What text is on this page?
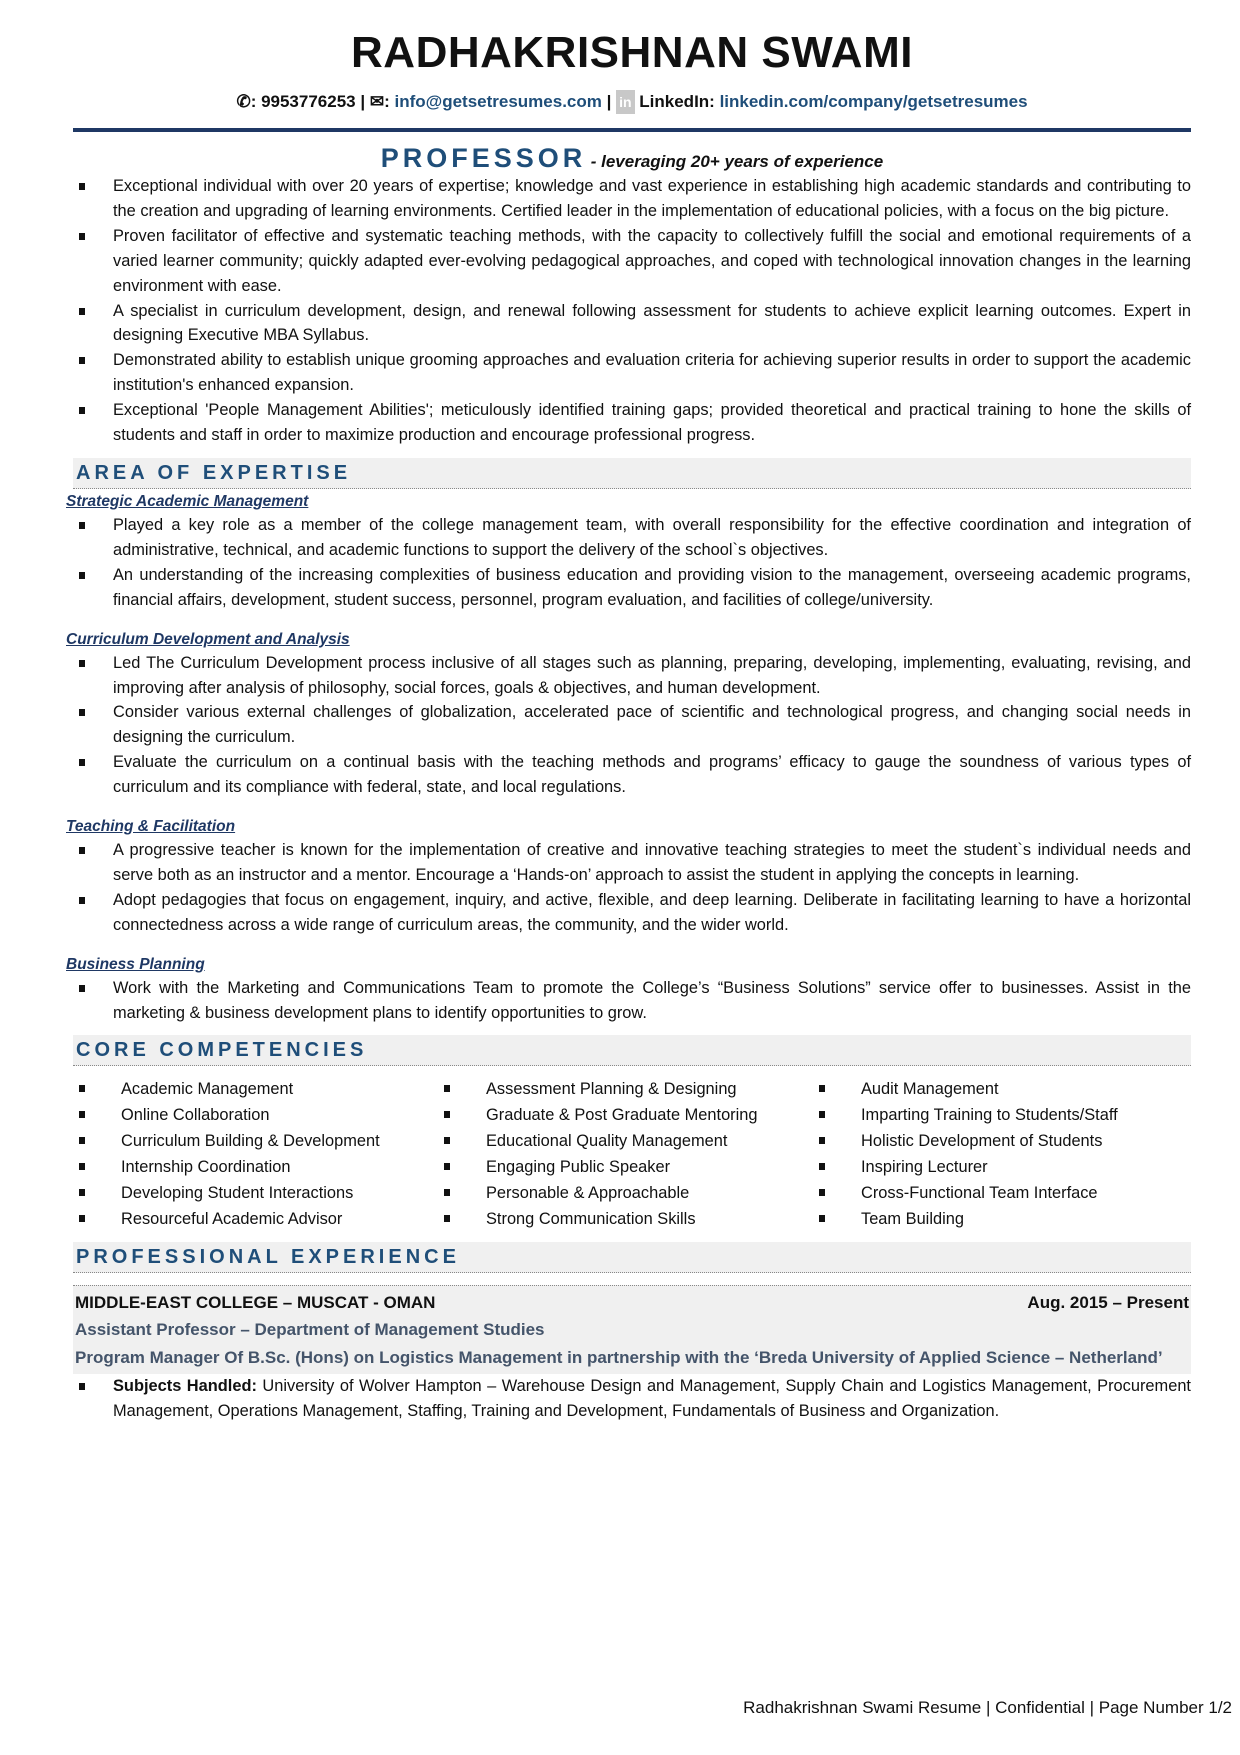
RADHAKRISHNAN SWAMI
✆: 9953776253 | ✉: info@getsetresumes.com | in LinkedIn: linkedin.com/company/getsetresumes
PROFESSOR - leveraging 20+ years of experience
Exceptional individual with over 20 years of expertise; knowledge and vast experience in establishing high academic standards and contributing to the creation and upgrading of learning environments. Certified leader in the implementation of educational policies, with a focus on the big picture.
Proven facilitator of effective and systematic teaching methods, with the capacity to collectively fulfill the social and emotional requirements of a varied learner community; quickly adapted ever-evolving pedagogical approaches, and coped with technological innovation changes in the learning environment with ease.
A specialist in curriculum development, design, and renewal following assessment for students to achieve explicit learning outcomes. Expert in designing Executive MBA Syllabus.
Demonstrated ability to establish unique grooming approaches and evaluation criteria for achieving superior results in order to support the academic institution's enhanced expansion.
Exceptional 'People Management Abilities'; meticulously identified training gaps; provided theoretical and practical training to hone the skills of students and staff in order to maximize production and encourage professional progress.
AREA OF EXPERTISE
Strategic Academic Management
Played a key role as a member of the college management team, with overall responsibility for the effective coordination and integration of administrative, technical, and academic functions to support the delivery of the school`s objectives.
An understanding of the increasing complexities of business education and providing vision to the management, overseeing academic programs, financial affairs, development, student success, personnel, program evaluation, and facilities of college/university.
Curriculum Development and Analysis
Led The Curriculum Development process inclusive of all stages such as planning, preparing, developing, implementing, evaluating, revising, and improving after analysis of philosophy, social forces, goals & objectives, and human development.
Consider various external challenges of globalization, accelerated pace of scientific and technological progress, and changing social needs in designing the curriculum.
Evaluate the curriculum on a continual basis with the teaching methods and programs’ efficacy to gauge the soundness of various types of curriculum and its compliance with federal, state, and local regulations.
Teaching & Facilitation
A progressive teacher is known for the implementation of creative and innovative teaching strategies to meet the student`s individual needs and serve both as an instructor and a mentor. Encourage a ‘Hands-on’ approach to assist the student in applying the concepts in learning.
Adopt pedagogies that focus on engagement, inquiry, and active, flexible, and deep learning. Deliberate in facilitating learning to have a horizontal connectedness across a wide range of curriculum areas, the community, and the wider world.
Business Planning
Work with the Marketing and Communications Team to promote the College’s “Business Solutions” service offer to businesses. Assist in the marketing & business development plans to identify opportunities to grow.
CORE COMPETENCIES
Academic Management	Assessment Planning & Designing	Audit Management
Online Collaboration	Graduate & Post Graduate Mentoring	Imparting Training to Students/Staff
Curriculum Building & Development	Educational Quality Management	Holistic Development of Students
Internship Coordination	Engaging Public Speaker	Inspiring Lecturer
Developing Student Interactions	Personable & Approachable	Cross-Functional Team Interface
Resourceful Academic Advisor	Strong Communication Skills	Team Building
PROFESSIONAL EXPERIENCE
MIDDLE-EAST COLLEGE – MUSCAT - OMAN	Aug. 2015 – Present
Assistant Professor – Department of Management Studies
Program Manager Of B.Sc. (Hons) on Logistics Management in partnership with the ‘Breda University of Applied Science – Netherland’
Subjects Handled: University of Wolver Hampton – Warehouse Design and Management, Supply Chain and Logistics Management, Procurement Management, Operations Management, Staffing, Training and Development, Fundamentals of Business and Organization.
Radhakrishnan Swami Resume | Confidential | Page Number 1/2
